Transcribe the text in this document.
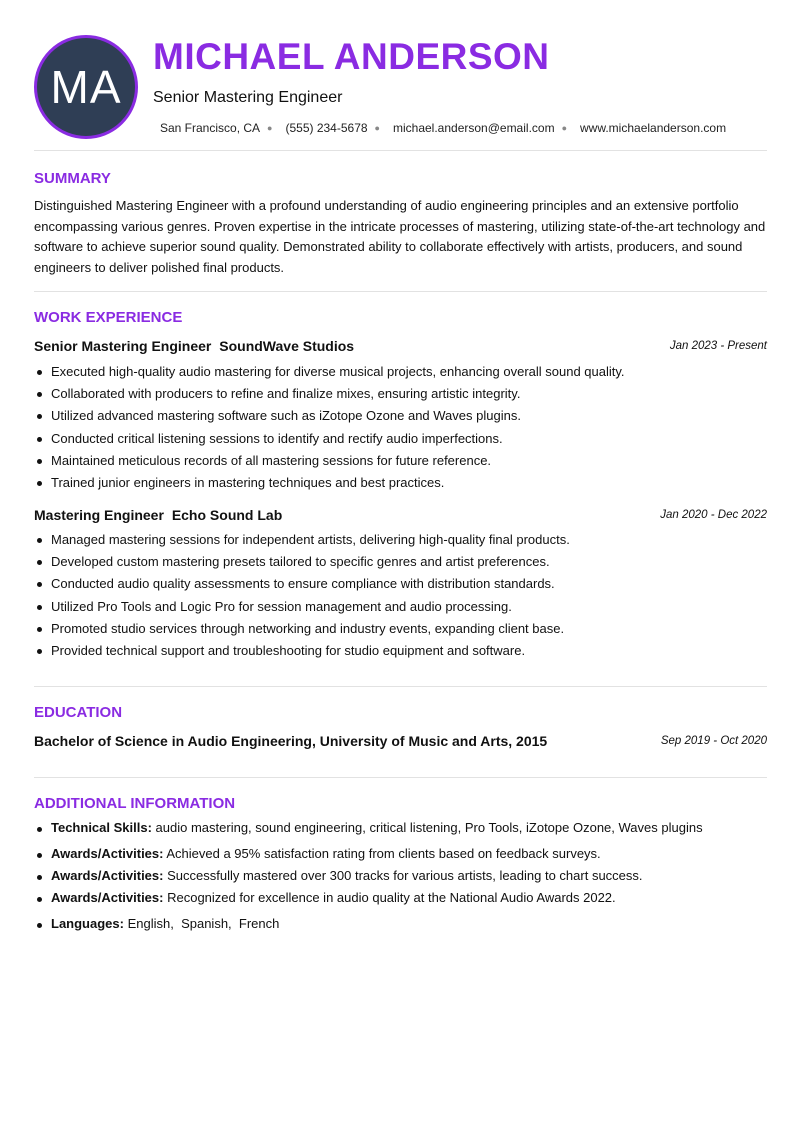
MA
MICHAEL ANDERSON
Senior Mastering Engineer
San Francisco, CA ● (555) 234-5678 ● michael.anderson@email.com ● www.michaelanderson.com
SUMMARY

Distinguished Mastering Engineer with a profound understanding of audio engineering principles and an extensive portfolio encompassing various genres. Proven expertise in the intricate processes of mastering, utilizing state-of-the-art technology and software to achieve superior sound quality. Demonstrated ability to collaborate effectively with artists, producers, and sound engineers to deliver polished final products.

WORK EXPERIENCE
Senior Mastering Engineer SoundWave Studios	Jan 2023 - Present
Executed high-quality audio mastering for diverse musical projects, enhancing overall sound quality.
Collaborated with producers to refine and finalize mixes, ensuring artistic integrity.
Utilized advanced mastering software such as iZotope Ozone and Waves plugins.
Conducted critical listening sessions to identify and rectify audio imperfections.
Maintained meticulous records of all mastering sessions for future reference.
Trained junior engineers in mastering techniques and best practices.
Mastering Engineer Echo Sound Lab	Jan 2020 - Dec 2022
Managed mastering sessions for independent artists, delivering high-quality final products.
Developed custom mastering presets tailored to specific genres and artist preferences.
Conducted audio quality assessments to ensure compliance with distribution standards.
Utilized Pro Tools and Logic Pro for session management and audio processing.
Promoted studio services through networking and industry events, expanding client base.
Provided technical support and troubleshooting for studio equipment and software.
EDUCATION
Bachelor of Science in Audio Engineering, University of Music and Arts, 2015	Sep 2019 - Oct 2020
ADDITIONAL INFORMATION
Technical Skills: audio mastering, sound engineering, critical listening, Pro Tools, iZotope Ozone, Waves plugins
Awards/Activities: Achieved a 95% satisfaction rating from clients based on feedback surveys.
Awards/Activities: Successfully mastered over 300 tracks for various artists, leading to chart success.
Awards/Activities: Recognized for excellence in audio quality at the National Audio Awards 2022.
Languages: English,  Spanish,  French
